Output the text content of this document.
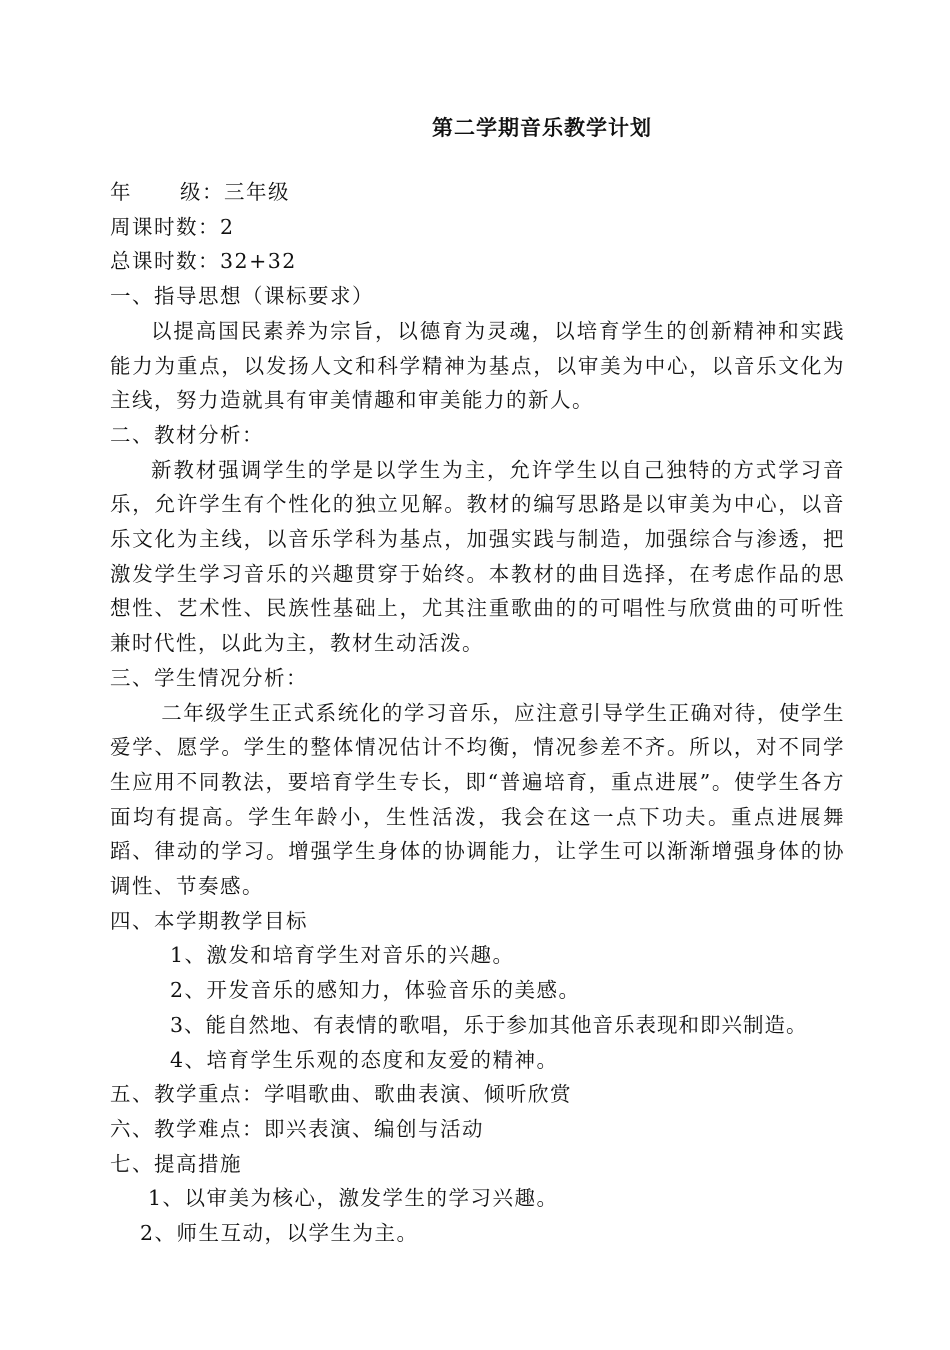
第二学期音乐教学计划

年 级：三年级

周课时数：2

总课时数：32+32

一、指导思想（课标要求）

以提高国民素养为宗旨，以德育为灵魂，以培育学生的创新精神和实践能力为重点，以发扬人文和科学精神为基点，以审美为中心，以音乐文化为主线，努力造就具有审美情趣和审美能力的新人。

二、教材分析：

新教材强调学生的学是以学生为主，允许学生以自己独特的方式学习音乐，允许学生有个性化的独立见解。教材的编写思路是以审美为中心，以音乐文化为主线，以音乐学科为基点，加强实践与制造，加强综合与渗透，把激发学生学习音乐的兴趣贯穿于始终。本教材的曲目选择，在考虑作品的思想性、艺术性、民族性基础上，尤其注重歌曲的的可唱性与欣赏曲的可听性兼时代性，以此为主，教材生动活泼。

三、学生情况分析：

二年级学生正式系统化的学习音乐，应注意引导学生正确对待，使学生爱学、愿学。学生的整体情况估计不均衡，情况参差不齐。所以，对不同学生应用不同教法，要培育学生专长，即“普遍培育，重点进展”。使学生各方面均有提高。学生年龄小，生性活泼，我会在这一点下功夫。重点进展舞蹈、律动的学习。增强学生身体的协调能力，让学生可以渐渐增强身体的协调性、节奏感。

四、本学期教学目标

1、激发和培育学生对音乐的兴趣。

2、开发音乐的感知力，体验音乐的美感。

3、能自然地、有表情的歌唱，乐于参加其他音乐表现和即兴制造。

4、培育学生乐观的态度和友爱的精神。

五、教学重点：学唱歌曲、歌曲表演、倾听欣赏

六、教学难点：即兴表演、编创与活动

七、提高措施

1、以审美为核心，激发学生的学习兴趣。

2、师生互动，以学生为主。
